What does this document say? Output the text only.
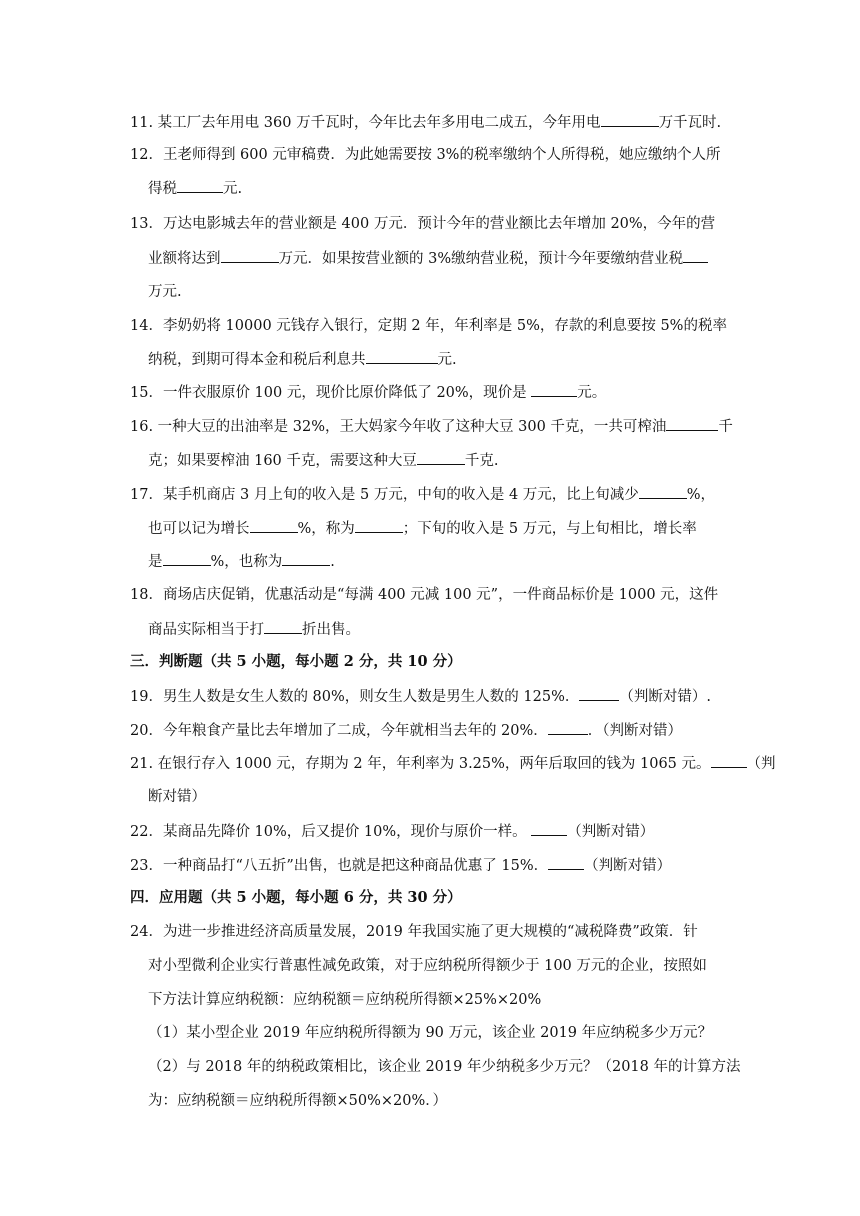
11. 某工厂去年用电 360 万千瓦时，今年比去年多用电二成五，今年用电	万千瓦时.
12．王老师得到 600 元审稿费．为此她需要按 3%的税率缴纳个人所得税，她应缴纳个人所
得税	元.
13．万达电影城去年的营业额是 400 万元．预计今年的营业额比去年增加 20%，今年的营
业额将达到	万元．如果按营业额的 3%缴纳营业税，预计今年要缴纳营业税
万元.
14．李奶奶将 10000 元钱存入银行，定期 2 年，年利率是 5%，存款的利息要按 5%的税率
纳税，到期可得本金和税后利息共	元.
15．一件衣服原价 100 元，现价比原价降低了 20%，现价是	元。
16. 一种大豆的出油率是 32%，王大妈家今年收了这种大豆 300 千克，一共可榨油	千
克；如果要榨油 160 千克，需要这种大豆	千克.
17．某手机商店 3 月上旬的收入是 5 万元，中旬的收入是 4 万元，比上旬减少	%，
也可以记为增长	%，称为	；下旬的收入是 5 万元，与上旬相比，增长率
是	%，也称为	.
18．商场店庆促销，优惠活动是“每满 400 元减 100 元”，一件商品标价是 1000 元，这件
商品实际相当于打	折出售。
三．判断题（共 5 小题，每小题 2 分，共 10 分）
19．男生人数是女生人数的 80%，则女生人数是男生人数的 125%．	（判断对错）.
20．今年粮食产量比去年增加了二成，今年就相当去年的 20%．	．（判断对错）
21. 在银行存入 1000 元，存期为 2 年，年利率为 3.25%，两年后取回的钱为 1065 元。 （判
断对错）
22．某商品先降价 10%，后又提价 10%，现价与原价一样。 （判断对错）
23．一种商品打“八五折”出售，也就是把这种商品优惠了 15%． （判断对错）
四．应用题（共 5 小题，每小题 6 分，共 30 分）
24．为进一步推进经济高质量发展，2019 年我国实施了更大规模的“减税降费”政策．针
对小型微利企业实行普惠性减免政策，对于应纳税所得额少于 100 万元的企业，按照如
下方法计算应纳税额：应纳税额＝应纳税所得额×25%×20%
（1）某小型企业 2019 年应纳税所得额为 90 万元，该企业 2019 年应纳税多少万元？
（2）与 2018 年的纳税政策相比，该企业 2019 年少纳税多少万元？（2018 年的计算方法
为：应纳税额＝应纳税所得额×50%×20%．）
